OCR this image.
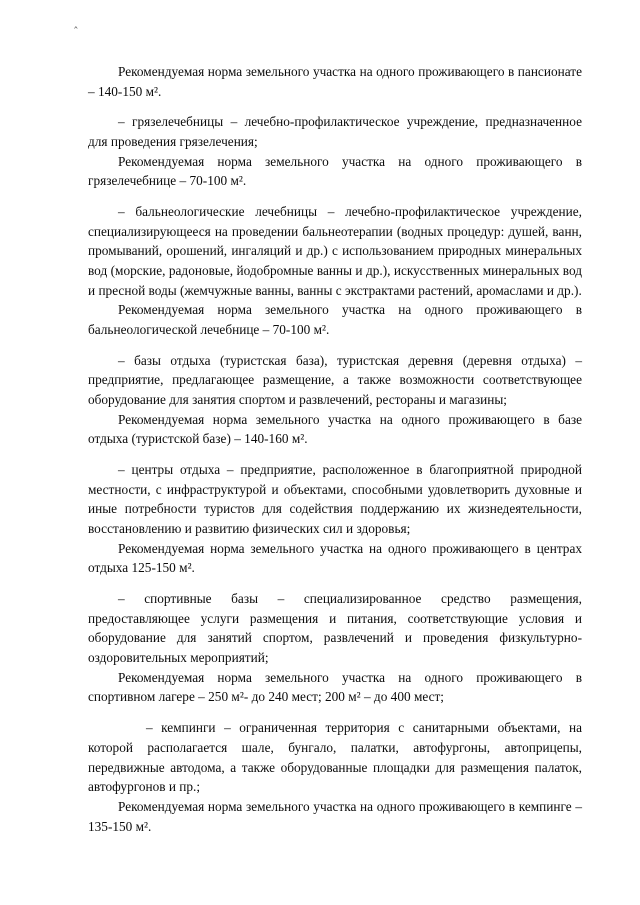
‸

Рекомендуемая норма земельного участка на одного проживающего в пансионате – 140-150 м².

– грязелечебницы – лечебно-профилактическое учреждение, предназначенное для проведения грязелечения;

Рекомендуемая норма земельного участка на одного проживающего в грязелечебнице – 70-100 м².

– бальнеологические лечебницы – лечебно-профилактическое учреждение, специализирующееся на проведении бальнеотерапии (водных процедур: душей, ванн, промываний, орошений, ингаляций и др.) с использованием природных минеральных вод (морские, радоновые, йодобромные ванны и др.), искусственных минеральных вод и пресной воды (жемчужные ванны, ванны с экстрактами растений, аромаслами и др.).

Рекомендуемая норма земельного участка на одного проживающего в бальнеологической лечебнице – 70-100 м².

– базы отдыха (туристская база), туристская деревня (деревня отдыха) – предприятие, предлагающее размещение, а также возможности соответствующее оборудование для занятия спортом и развлечений, рестораны и магазины;

Рекомендуемая норма земельного участка на одного проживающего в базе отдыха (туристской базе) – 140-160 м².

– центры отдыха – предприятие, расположенное в благоприятной природной местности, с инфраструктурой и объектами, способными удовлетворить духовные и иные потребности туристов для содействия поддержанию их жизнедеятельности, восстановлению и развитию физических сил и здоровья;

Рекомендуемая норма земельного участка на одного проживающего в центрах отдыха 125-150 м².

– спортивные базы – специализированное средство размещения, предоставляющее услуги размещения и питания, соответствующие условия и оборудование для занятий спортом, развлечений и проведения физкультурно-оздоровительных мероприятий;

Рекомендуемая норма земельного участка на одного проживающего в спортивном лагере – 250 м²- до 240 мест; 200 м² – до 400 мест;

– кемпинги – ограниченная территория с санитарными объектами, на которой располагается шале, бунгало, палатки, автофургоны, автоприцепы, передвижные автодома, а также оборудованные площадки для размещения палаток, автофургонов и пр.;

Рекомендуемая норма земельного участка на одного проживающего в кемпинге – 135-150 м².
